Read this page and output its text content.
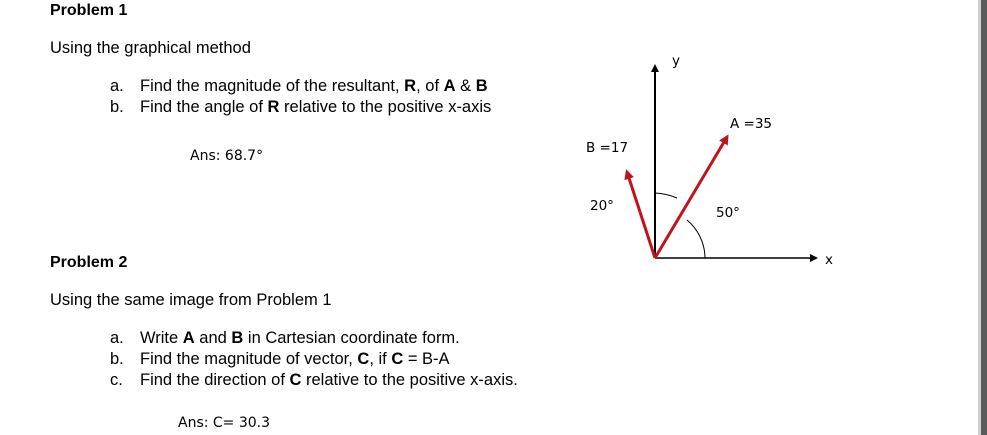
Problem 1
Using the graphical method
a. Find the magnitude of the resultant, R, of A & B
b. Find the angle of R relative to the positive x-axis
Ans: 68.7°
Problem 2
Using the same image from Problem 1
a. Write A and B in Cartesian coordinate form.
b. Find the magnitude of vector, C, if C = B-A
c. Find the direction of C relative to the positive x-axis.
Ans: C= 30.3
y
x
A =35
B =17
20°	50°
